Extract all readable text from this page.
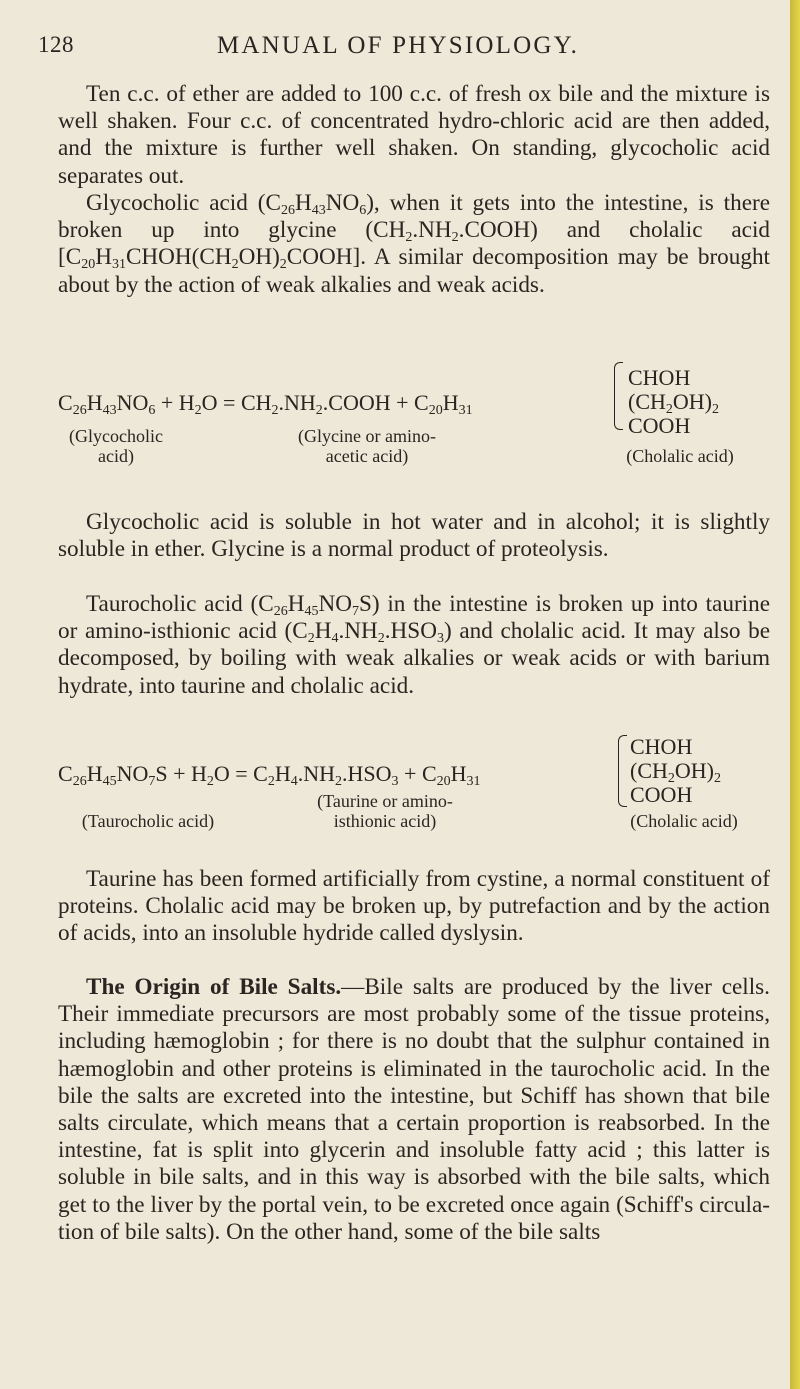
128	MANUAL OF PHYSIOLOGY.

Ten c.c. of ether are added to 100 c.c. of fresh ox bile and the mixture is well shaken. Four c.c. of concentrated hydro-chloric acid are then added, and the mixture is further well shaken. On standing, glycocholic acid separates out.

Glycocholic acid $(C_{26}H_{43}NO_6)$, when it gets into the intestine, is there broken up into glycine $(CH_2.NH_2.COOH)$ and cholalic acid $[C_{20}H_{31}CHOH(CH_2OH)_2COOH]$. A similar decomposition may be brought about by the action of weak alkalies and weak acids.

$C_{26}H_{43}NO_6 + H_2O$ = $CH_2.NH_2.COOH + C_{20}H_{31}$
CHOH
$(CH_2OH)_2$
COOH
(Glycocholic
acid)
(Glycine or amino-
acetic acid)	(Cholalic acid)

Glycocholic acid is soluble in hot water and in alcohol; it is slightly soluble in ether. Glycine is a normal product of proteolysis.

Taurocholic acid $(C_{26}H_{45}NO_7S)$ in the intestine is broken up into taurine or amino-isthionic acid $(C_2H_4.NH_2.HSO_3)$ and cholalic acid. It may also be decomposed, by boiling with weak alkalies or weak acids or with barium hydrate, into taurine and cholalic acid.

$C_{26}H_{45}NO_7S + H_2O = C_2H_4.NH_2.HSO_3 + C_{20}H_{31}$
CHOH
$(CH_2OH)_2$
COOH
(Taurine or amino-
isthionic acid)
(Taurocholic acid)	(Cholalic acid)

Taurine has been formed artificially from cystine, a normal constituent of proteins. Cholalic acid may be broken up, by putrefaction and by the action of acids, into an insoluble hydride called dyslysin.

The Origin of Bile Salts.—Bile salts are produced by the liver cells. Their immediate precursors are most probably some of the tissue proteins, including hæmoglobin ; for there is no doubt that the sulphur contained in hæmoglobin and other proteins is eliminated in the taurocholic acid. In the bile the salts are excreted into the intestine, but Schiff has shown that bile salts circulate, which means that a certain proportion is reabsorbed. In the intestine, fat is split into glycerin and insoluble fatty acid ; this latter is soluble in bile salts, and in this way is absorbed with the bile salts, which get to the liver by the portal vein, to be excreted once again (Schiff's circula-tion of bile salts). On the other hand, some of the bile salts
